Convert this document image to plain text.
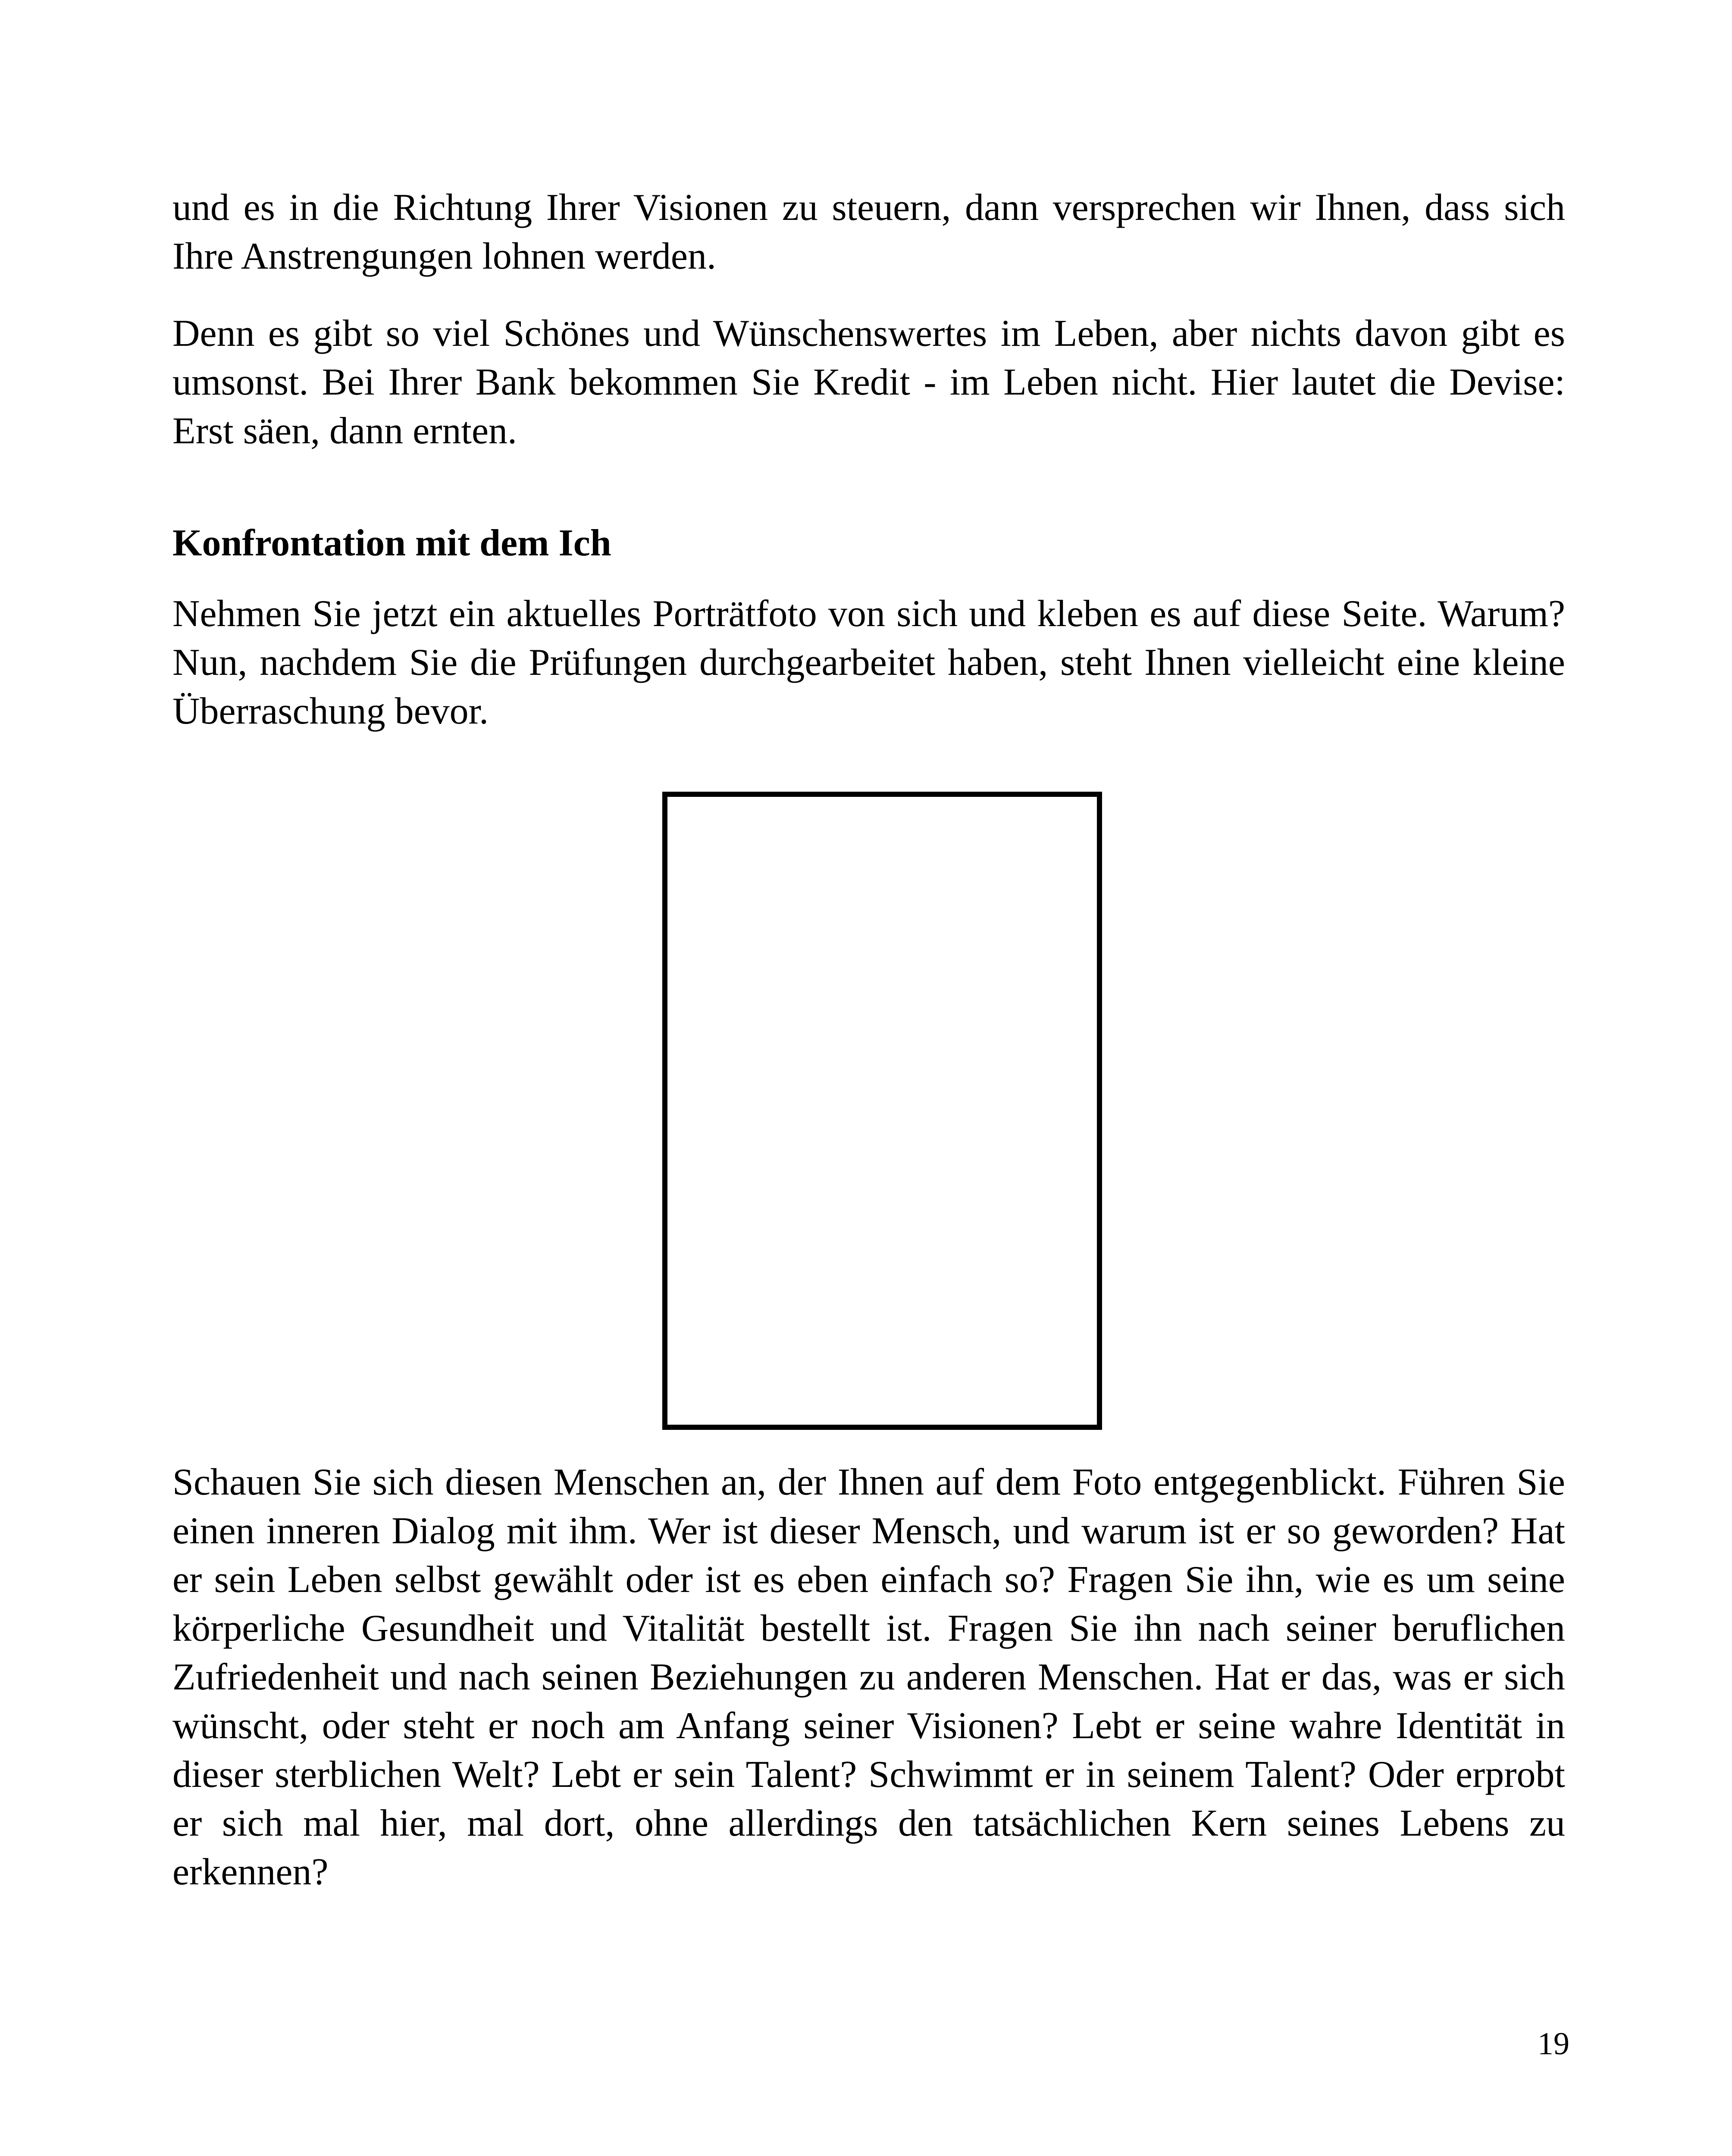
und es in die Richtung Ihrer Visionen zu steuern, dann versprechen wir Ihnen, dass sich Ihre Anstrengungen lohnen werden.

Denn es gibt so viel Schönes und Wünschenswertes im Leben, aber nichts davon gibt es umsonst. Bei Ihrer Bank bekommen Sie Kredit - im Leben nicht. Hier lautet die Devise: Erst säen, dann ernten.

Konfrontation mit dem Ich

Nehmen Sie jetzt ein aktuelles Porträtfoto von sich und kleben es auf diese Seite. Warum? Nun, nachdem Sie die Prüfungen durchgearbeitet haben, steht Ihnen vielleicht eine kleine Überraschung bevor.

Schauen Sie sich diesen Menschen an, der Ihnen auf dem Foto entgegenblickt. Führen Sie einen inneren Dialog mit ihm. Wer ist dieser Mensch, und warum ist er so geworden? Hat er sein Leben selbst gewählt oder ist es eben einfach so? Fragen Sie ihn, wie es um seine körperliche Gesundheit und Vitalität bestellt ist. Fragen Sie ihn nach seiner beruflichen Zufriedenheit und nach seinen Beziehungen zu anderen Menschen. Hat er das, was er sich wünscht, oder steht er noch am Anfang seiner Visionen? Lebt er seine wahre Identität in dieser sterblichen Welt? Lebt er sein Talent? Schwimmt er in seinem Talent? Oder erprobt er sich mal hier, mal dort, ohne allerdings den tatsächlichen Kern seines Lebens zu erkennen?

19
